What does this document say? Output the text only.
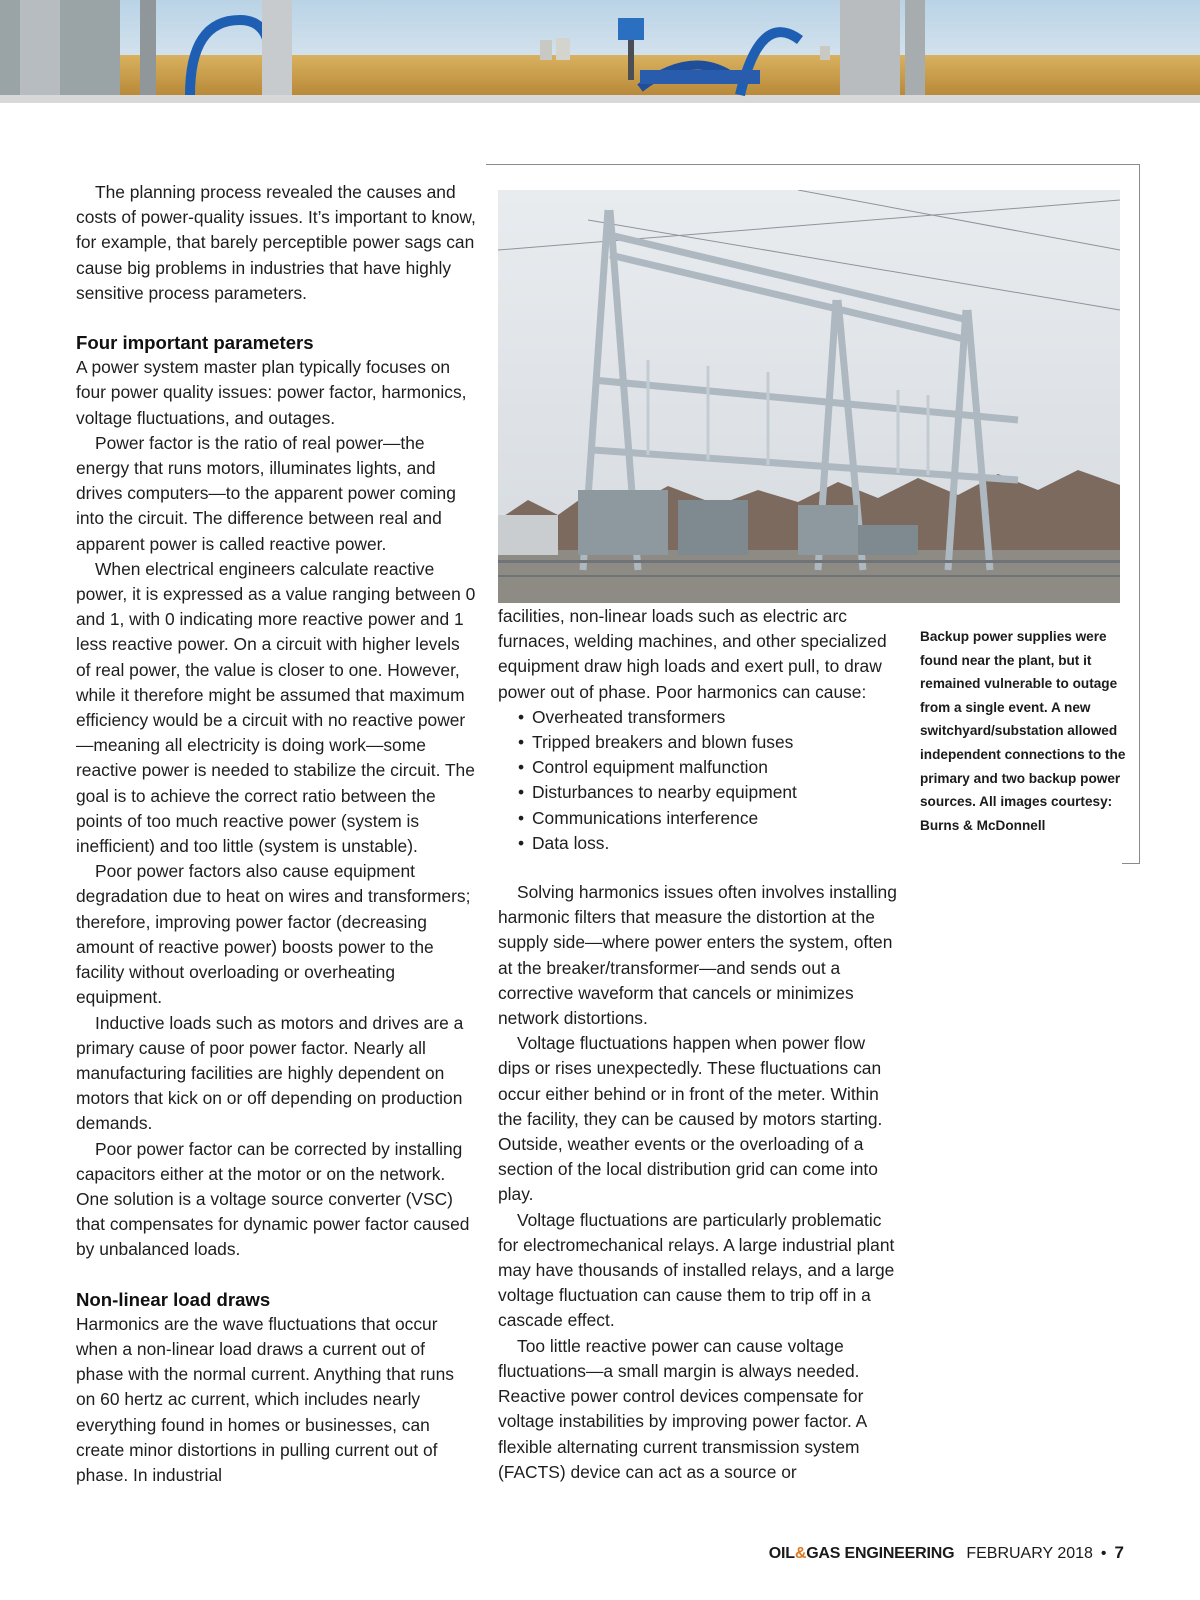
The planning process revealed the causes and costs of power-quality issues. It’s important to know, for example, that barely perceptible power sags can cause big problems in industries that have highly sensitive process parameters.

Four important parameters

A power system master plan typically focuses on four power quality issues: power factor, harmonics, voltage fluctuations, and outages.

Power factor is the ratio of real power—the energy that runs motors, illuminates lights, and drives computers—to the apparent power coming into the circuit. The difference between real and apparent power is called reactive power.

When electrical engineers calculate reactive power, it is expressed as a value ranging between 0 and 1, with 0 indicating more reactive power and 1 less reactive power. On a circuit with higher levels of real power, the value is closer to one. However, while it therefore might be assumed that maximum efficiency would be a circuit with no reactive power—meaning all electricity is doing work—some reactive power is needed to stabilize the circuit. The goal is to achieve the correct ratio between the points of too much reactive power (system is inefficient) and too little (system is unstable).

Poor power factors also cause equipment degradation due to heat on wires and transformers; therefore, improving power factor (decreasing amount of reactive power) boosts power to the facility without overloading or overheating equipment.

Inductive loads such as motors and drives are a primary cause of poor power factor. Nearly all manufacturing facilities are highly dependent on motors that kick on or off depending on production demands.

Poor power factor can be corrected by installing capacitors either at the motor or on the network. One solution is a voltage source converter (VSC) that compensates for dynamic power factor caused by unbalanced loads.

Non-linear load draws

Harmonics are the wave fluctuations that occur when a non-linear load draws a current out of phase with the normal current. Anything that runs on 60 hertz ac current, which includes nearly everything found in homes or businesses, can create minor distortions in pulling current out of phase. In industrial

Backup power supplies were found near the plant, but it remained vulnerable to outage from a single event. A new switchyard/substation allowed independent connections to the primary and two backup power sources. All images courtesy: Burns & McDonnell

facilities, non-linear loads such as electric arc furnaces, welding machines, and other specialized equipment draw high loads and exert pull, to draw power out of phase. Poor harmonics can cause:

• Overheated transformers
• Tripped breakers and blown fuses
• Control equipment malfunction
• Disturbances to nearby equipment
• Communications interference
• Data loss.

Solving harmonics issues often involves installing harmonic filters that measure the distortion at the supply side—where power enters the system, often at the breaker/transformer—and sends out a corrective waveform that cancels or minimizes network distortions.

Voltage fluctuations happen when power flow dips or rises unexpectedly. These fluctuations can occur either behind or in front of the meter. Within the facility, they can be caused by motors starting. Outside, weather events or the overloading of a section of the local distribution grid can come into play.

Voltage fluctuations are particularly problematic for electromechanical relays. A large industrial plant may have thousands of installed relays, and a large voltage fluctuation can cause them to trip off in a cascade effect.

Too little reactive power can cause voltage fluctuations—a small margin is always needed. Reactive power control devices compensate for voltage instabilities by improving power factor. A flexible alternating current transmission system (FACTS) device can act as a source or

OIL&GAS ENGINEERING FEBRUARY 2018 • 7
